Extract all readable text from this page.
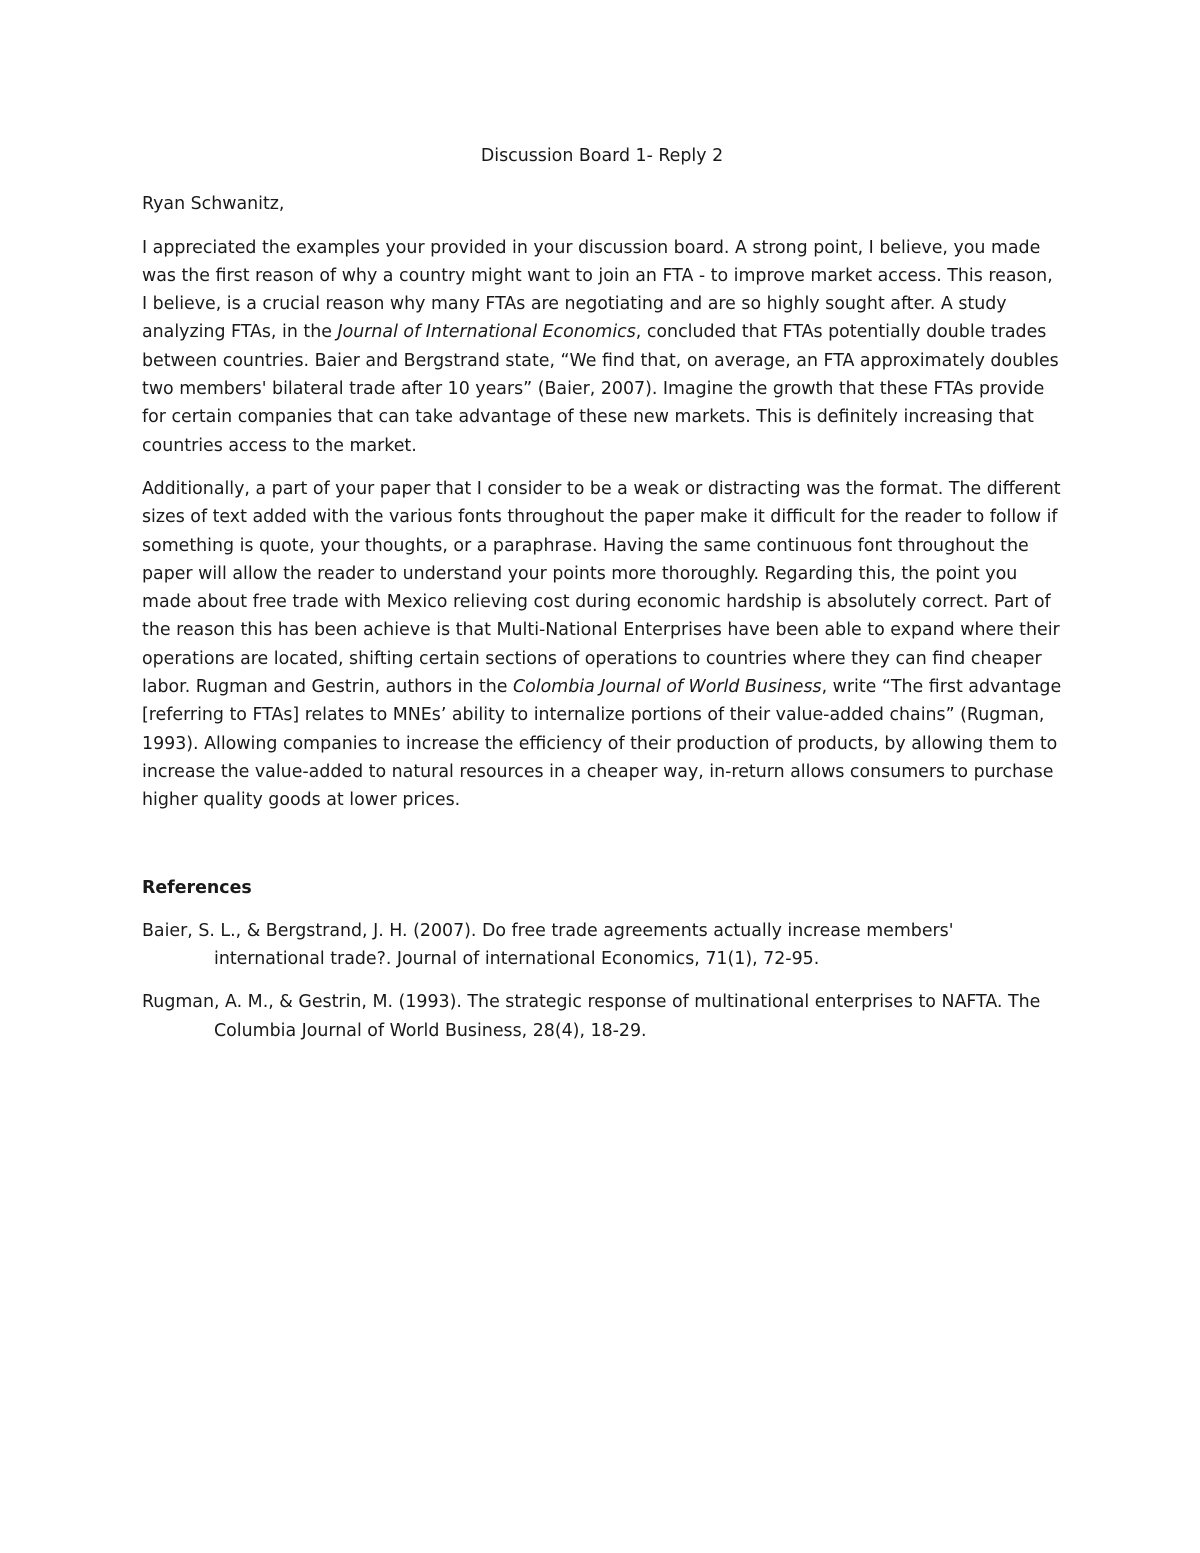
Discussion Board 1- Reply 2

Ryan Schwanitz,

I appreciated the examples your provided in your discussion board. A strong point, I believe, you made was the first reason of why a country might want to join an FTA - to improve market access. This reason, I believe, is a crucial reason why many FTAs are negotiating and are so highly sought after. A study analyzing FTAs, in the Journal of International Economics, concluded that FTAs potentially double trades between countries. Baier and Bergstrand state, “We find that, on average, an FTA approximately doubles two members' bilateral trade after 10 years” (Baier, 2007). Imagine the growth that these FTAs provide for certain companies that can take advantage of these new markets. This is definitely increasing that countries access to the market.

Additionally, a part of your paper that I consider to be a weak or distracting was the format. The different sizes of text added with the various fonts throughout the paper make it difficult for the reader to follow if something is quote, your thoughts, or a paraphrase. Having the same continuous font throughout the paper will allow the reader to understand your points more thoroughly. Regarding this, the point you made about free trade with Mexico relieving cost during economic hardship is absolutely correct. Part of the reason this has been achieve is that Multi-National Enterprises have been able to expand where their operations are located, shifting certain sections of operations to countries where they can find cheaper labor. Rugman and Gestrin, authors in the Colombia Journal of World Business, write “The first advantage [referring to FTAs] relates to MNEs’ ability to internalize portions of their value-added chains” (Rugman, 1993). Allowing companies to increase the efficiency of their production of products, by allowing them to increase the value-added to natural resources in a cheaper way, in-return allows consumers to purchase higher quality goods at lower prices.

References

Baier, S. L., & Bergstrand, J. H. (2007). Do free trade agreements actually increase members' international trade?. Journal of international Economics, 71(1), 72-95.

Rugman, A. M., & Gestrin, M. (1993). The strategic response of multinational enterprises to NAFTA. The Columbia Journal of World Business, 28(4), 18-29.
